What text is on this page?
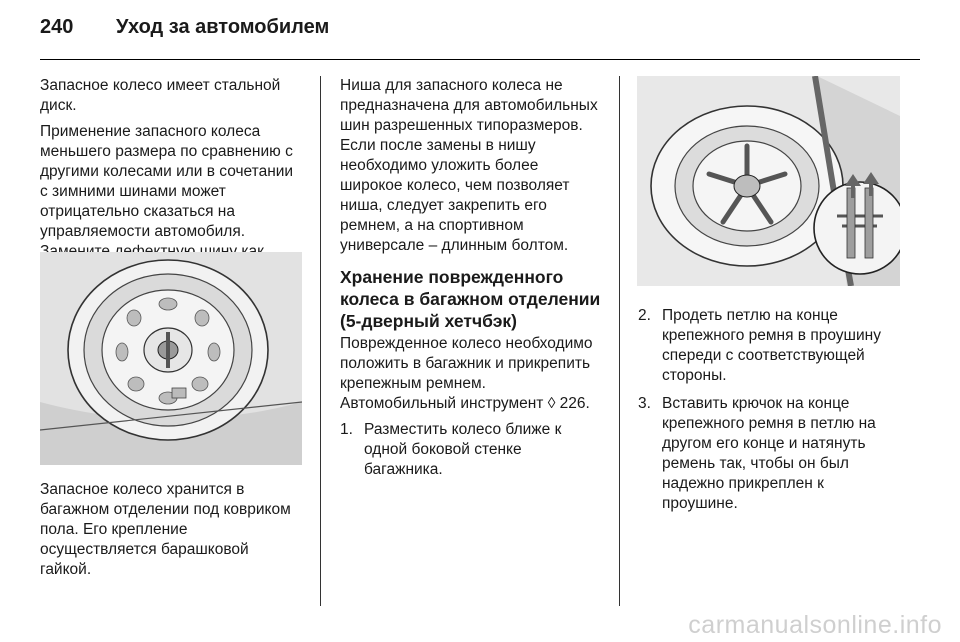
240 Уход за автомобилем

Запасное колесо имеет стальной диск.

Применение запасного колеса меньшего размера по сравнению с другими колесами или в сочетании с зимними шинами может отрицательно сказаться на управляемости автомобиля.

Запасное колесо хранится в багажном отделении под ковриком пола. Его крепление осуществляется барашковой гайкой.

Ниша для запасного колеса не предназначена для автомобильных шин разрешенных типоразмеров. Если после замены в нишу необходимо уложить более широкое колесо, чем позволяет ниша, следует закрепить его ремнем, а на спортивном универсале – длинным болтом.

Хранение поврежденного колеса в багажном отделении (5-дверный хетчбэк)

Поврежденное колесо необходимо положить в багажник и прикрепить крепежным ремнем. Автомобильный инструмент ◊ 226.

1. Разместить колесо ближе к одной боковой стенке багажника.
2. Продеть петлю на конце крепежного ремня в проушину спереди с соответствующей стороны.
3. Вставить крючок на конце крепежного ремня в петлю на другом его конце и натянуть ремень так, чтобы он был надежно прикреплен к проушине.
carmanualsonline.info
